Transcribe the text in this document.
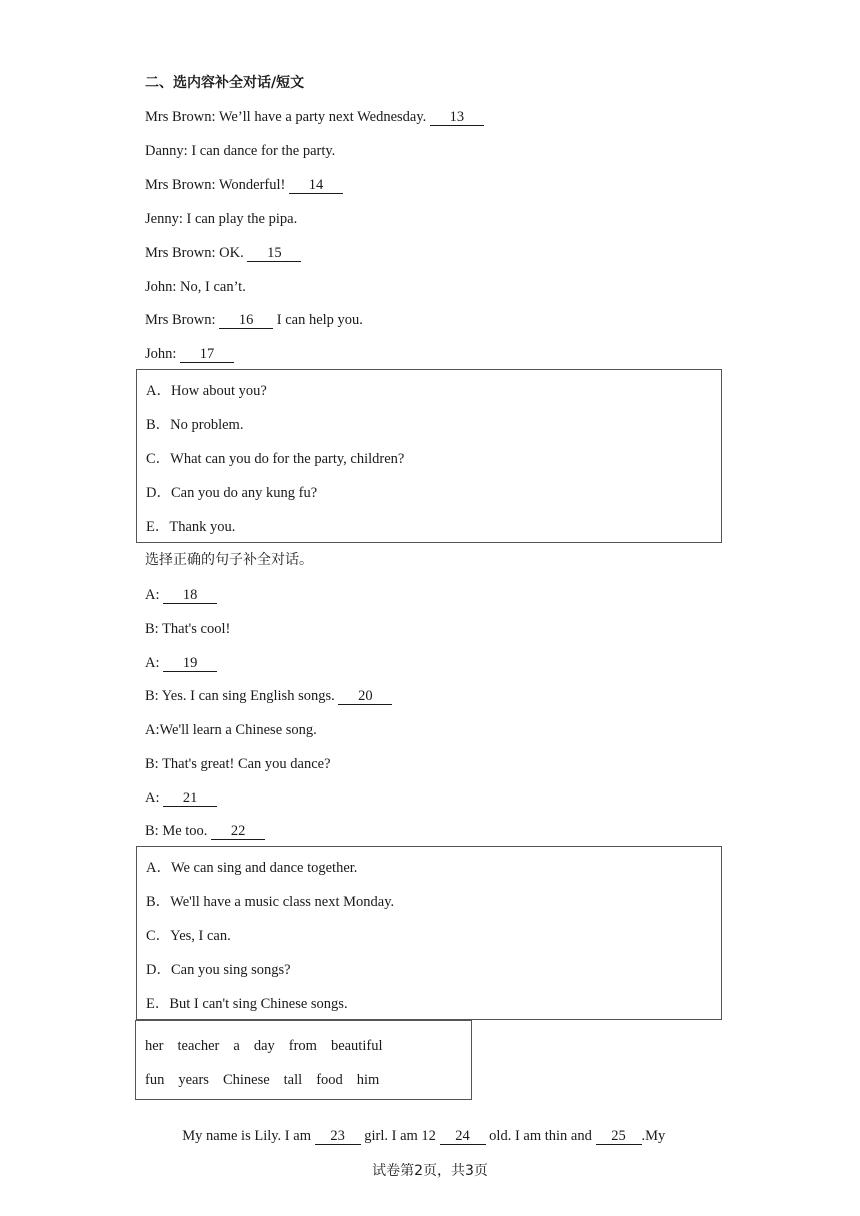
二、选内容补全对话/短文
Mrs Brown: We’ll have a party next Wednesday. 13
Danny: I can dance for the party.
Mrs Brown: Wonderful! 14
Jenny: I can play the pipa.
Mrs Brown: OK. 15
John: No, I can’t.
Mrs Brown: 16 I can help you.
John: 17
A．How about you?
B．No problem.
C．What can you do for the party, children?
D．Can you do any kung fu?
E．Thank you.
选择正确的句子补全对话。
A: 18
B: That's cool!
A: 19
B: Yes. I can sing English songs. 20
A:We'll learn a Chinese song.
B: That's great! Can you dance?
A: 21
B: Me too. 22
A．We can sing and dance together.
B．We'll have a music class next Monday.
C．Yes, I can.
D．Can you sing songs?
E．But I can't sing Chinese songs.
her teacher a day from beautiful
fun years Chinese tall food him

My name is Lily. I am 23 girl. I am 12 24 old. I am thin and 25 .My

试卷第2页，共3页
